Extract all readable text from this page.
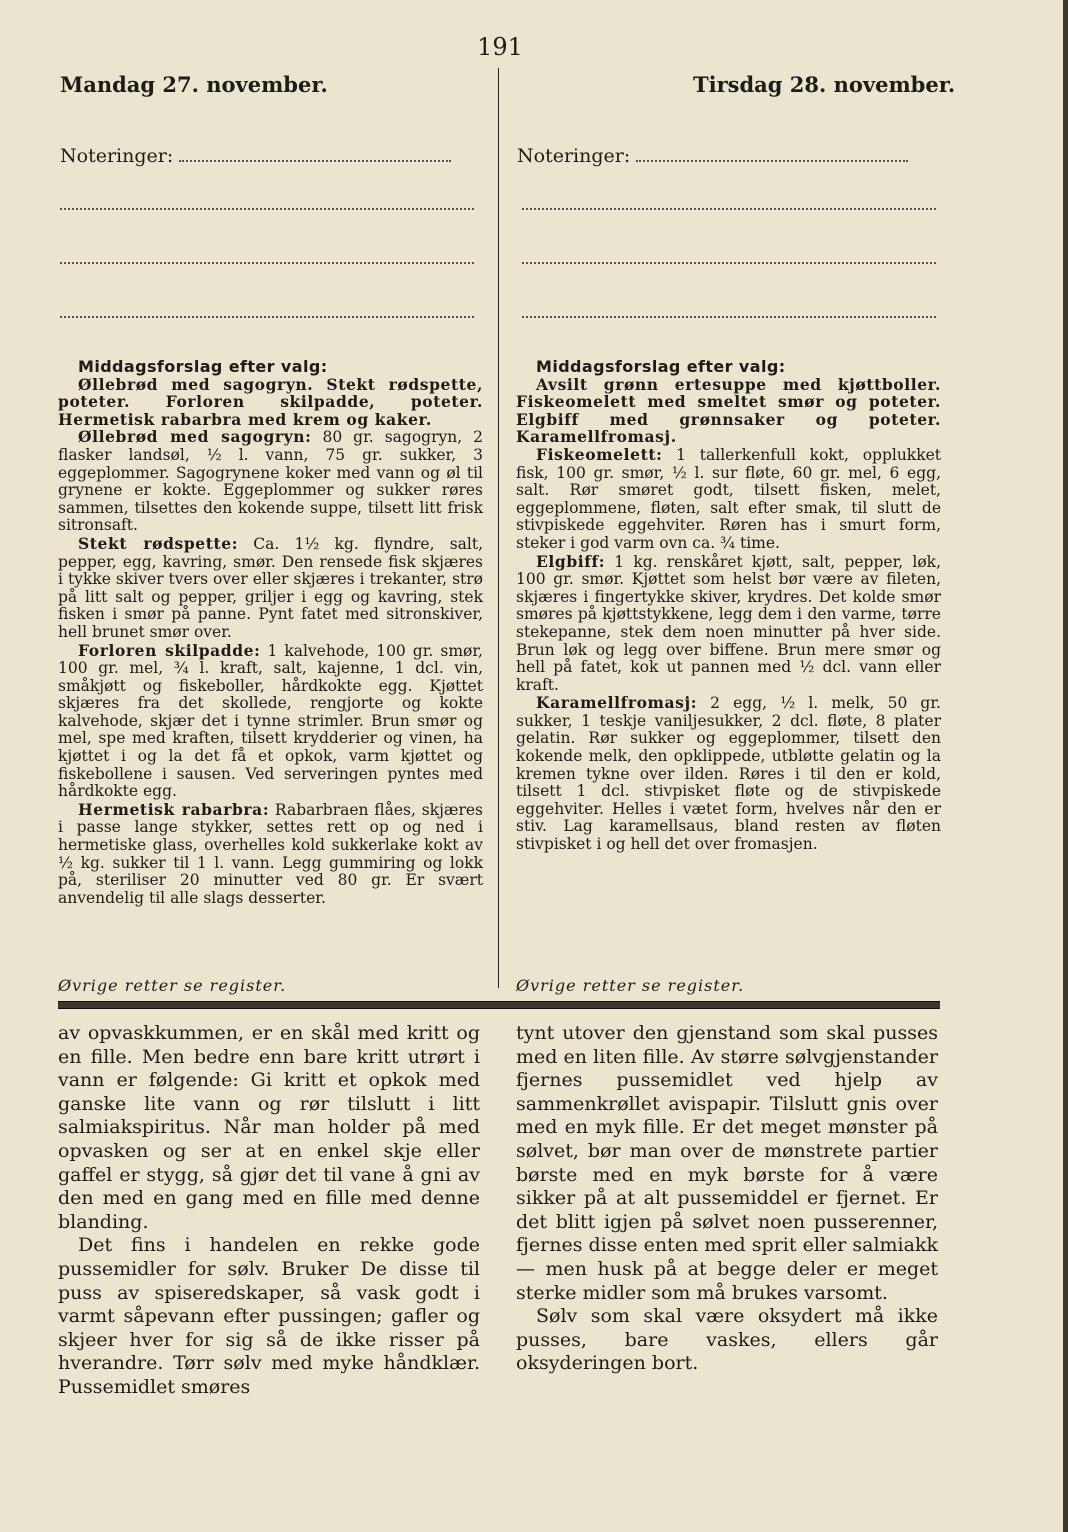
191
Mandag 27. november.	Tirsdag 28. november.
Noteringer:	Noteringer:

Middagsforslag efter valg:

Øllebrød med sagogryn. Stekt rødspette, poteter. Forloren skilpadde, poteter. Hermetisk rabarbra med krem og kaker.

Øllebrød med sagogryn: 80 gr. sagogryn, 2 flasker landsøl, ½ l. vann, 75 gr. sukker, 3 eggeplommer. Sagogrynene koker med vann og øl til grynene er kokte. Eggeplommer og sukker røres sammen, tilsettes den kokende suppe, tilsett litt frisk sitronsaft.

Stekt rødspette: Ca. 1½ kg. flyndre, salt, pepper, egg, kavring, smør. Den rensede fisk skjæres i tykke skiver tvers over eller skjæres i trekanter, strø på litt salt og pepper, griljer i egg og kavring, stek fisken i smør på panne. Pynt fatet med sitronskiver, hell brunet smør over.

Forloren skilpadde: 1 kalvehode, 100 gr. smør, 100 gr. mel, ¾ l. kraft, salt, kajenne, 1 dcl. vin, småkjøtt og fiskeboller, hårdkokte egg. Kjøttet skjæres fra det skollede, rengjorte og kokte kalvehode, skjær det i tynne strimler. Brun smør og mel, spe med kraften, tilsett krydderier og vinen, ha kjøttet i og la det få et opkok, varm kjøttet og fiskebollene i sausen. Ved serveringen pyntes med hårdkokte egg.

Hermetisk rabarbra: Rabarbraen flåes, skjæres i passe lange stykker, settes rett op og ned i hermetiske glass, overhelles kold sukkerlake kokt av ½ kg. sukker til 1 l. vann. Legg gummiring og lokk på, steriliser 20 minutter ved 80 gr. Er svært anvendelig til alle slags desserter.

Middagsforslag efter valg:

Avsilt grønn ertesuppe med kjøttboller. Fiskeomelett med smeltet smør og poteter. Elgbiff med grønnsaker og poteter. Karamellfromasj.

Fiskeomelett: 1 tallerkenfull kokt, opplukket fisk, 100 gr. smør, ½ l. sur fløte, 60 gr. mel, 6 egg, salt. Rør smøret godt, tilsett fisken, melet, eggeplommene, fløten, salt efter smak, til slutt de stivpiskede eggehviter. Røren has i smurt form, steker i god varm ovn ca. ¾ time.

Elgbiff: 1 kg. renskåret kjøtt, salt, pepper, løk, 100 gr. smør. Kjøttet som helst bør være av fileten, skjæres i fingertykke skiver, krydres. Det kolde smør smøres på kjøttstykkene, legg dem i den varme, tørre stekepanne, stek dem noen minutter på hver side. Brun løk og legg over biffene. Brun mere smør og hell på fatet, kok ut pannen med ½ dcl. vann eller kraft.

Karamellfromasj: 2 egg, ½ l. melk, 50 gr. sukker, 1 teskje vaniljesukker, 2 dcl. fløte, 8 plater gelatin. Rør sukker og eggeplommer, tilsett den kokende melk, den opklippede, utbløtte gelatin og la kremen tykne over ilden. Røres i til den er kold, tilsett 1 dcl. stivpisket fløte og de stivpiskede eggehviter. Helles i vætet form, hvelves når den er stiv. Lag karamellsaus, bland resten av fløten stivpisket i og hell det over fromasjen.

Øvrige retter se register.	Øvrige retter se register.

av opvaskkummen, er en skål med kritt og en fille. Men bedre enn bare kritt utrørt i vann er følgende: Gi kritt et opkok med ganske lite vann og rør tilslutt i litt salmiakspiritus. Når man holder på med opvasken og ser at en enkel skje eller gaffel er stygg, så gjør det til vane å gni av den med en gang med en fille med denne blanding.

Det fins i handelen en rekke gode pussemidler for sølv. Bruker De disse til puss av spiseredskaper, så vask godt i varmt såpevann efter pussingen; gafler og skjeer hver for sig så de ikke risser på hverandre. Tørr sølv med myke håndklær. Pussemidlet smøres

tynt utover den gjenstand som skal pusses med en liten fille. Av større sølvgjenstander fjernes pussemidlet ved hjelp av sammenkrøllet avispapir. Tilslutt gnis over med en myk fille. Er det meget mønster på sølvet, bør man over de mønstrete partier børste med en myk børste for å være sikker på at alt pussemiddel er fjernet. Er det blitt igjen på sølvet noen pusserenner, fjernes disse enten med sprit eller salmiakk — men husk på at begge deler er meget sterke midler som må brukes varsomt.

Sølv som skal være oksydert må ikke pusses, bare vaskes, ellers går oksyderingen bort.
